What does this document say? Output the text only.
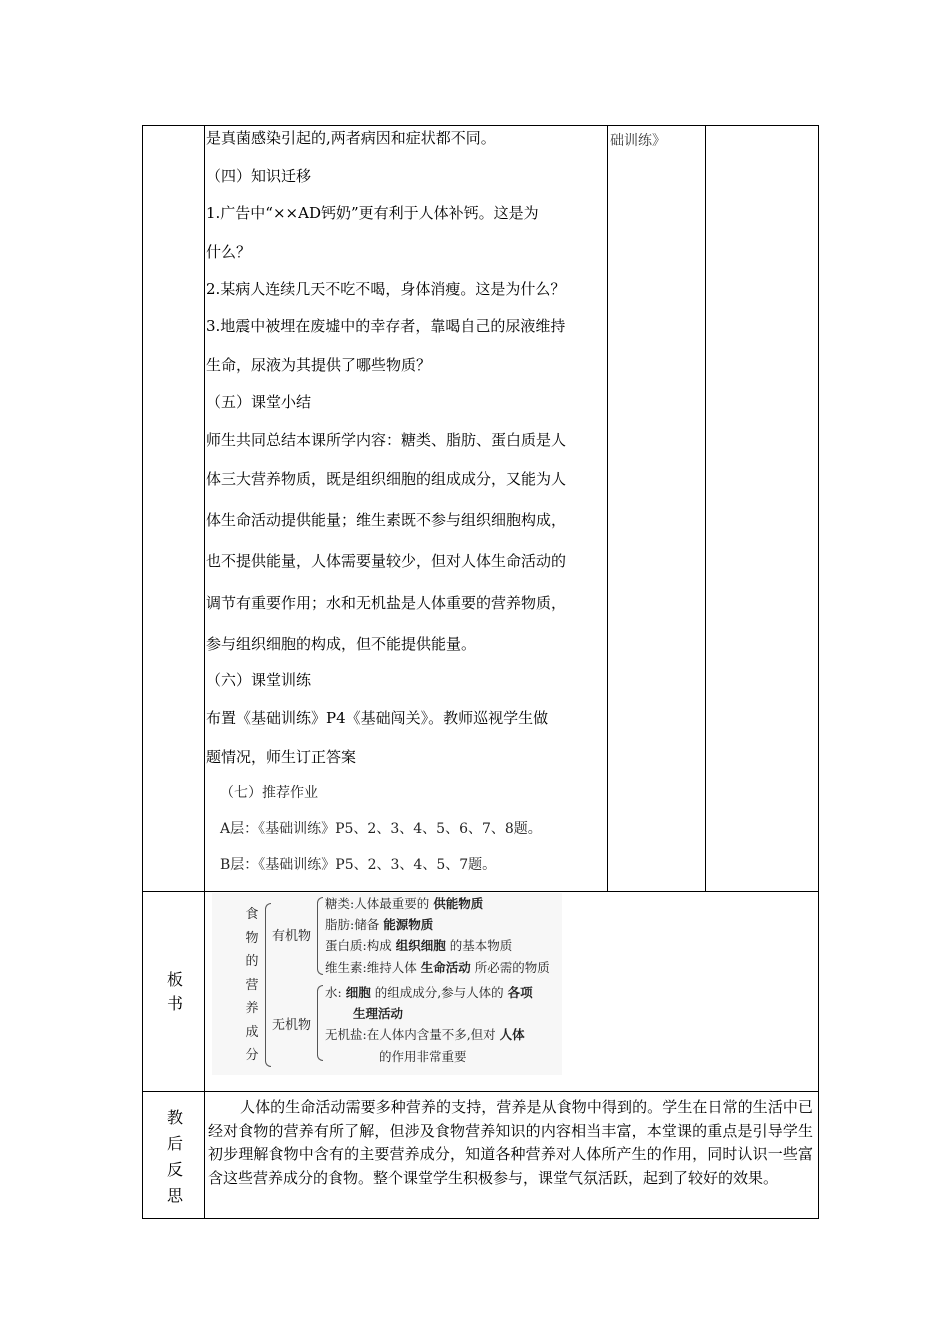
是真菌感染引起的,两者病因和症状都不同。
（四）知识迁移
1.广告中“××AD钙奶”更有利于人体补钙。这是为
什么？
2.某病人连续几天不吃不喝，身体消瘦。这是为什么？
3.地震中被埋在废墟中的幸存者，靠喝自己的尿液维持
生命，尿液为其提供了哪些物质？
（五）课堂小结
师生共同总结本课所学内容：糖类、脂肪、蛋白质是人
体三大营养物质，既是组织细胞的组成成分，又能为人
体生命活动提供能量；维生素既不参与组织细胞构成，
也不提供能量，人体需要量较少，但对人体生命活动的
调节有重要作用；水和无机盐是人体重要的营养物质，
参与组织细胞的构成，但不能提供能量。
（六）课堂训练
布置《基础训练》P4《基础闯关》。教师巡视学生做
题情况，师生订正答案
（七）推荐作业
A层：《基础训练》P5、2、3、4、5、6、7、8题。
B层：《基础训练》P5、2、3、4、5、7题。
础训练》
板
书
食
物
的
营
养
成
分
有机物
无机物
糖类:人体最重要的 供能物质
脂肪:储备 能源物质
蛋白质:构成 组织细胞 的基本物质
维生素:维持人体 生命活动 所必需的物质
水: 细胞 的组成成分,参与人体的 各项
生理活动
无机盐:在人体内含量不多,但对 人体
的作用非常重要
教
后
反
思
人体的生命活动需要多种营养的支持，营养是从食物中得到的。学生在日常的生活中已经对食物的营养有所了解，但涉及食物营养知识的内容相当丰富，本堂课的重点是引导学生初步理解食物中含有的主要营养成分，知道各种营养对人体所产生的作用，同时认识一些富含这些营养成分的食物。整个课堂学生积极参与，课堂气氛活跃，起到了较好的效果。
